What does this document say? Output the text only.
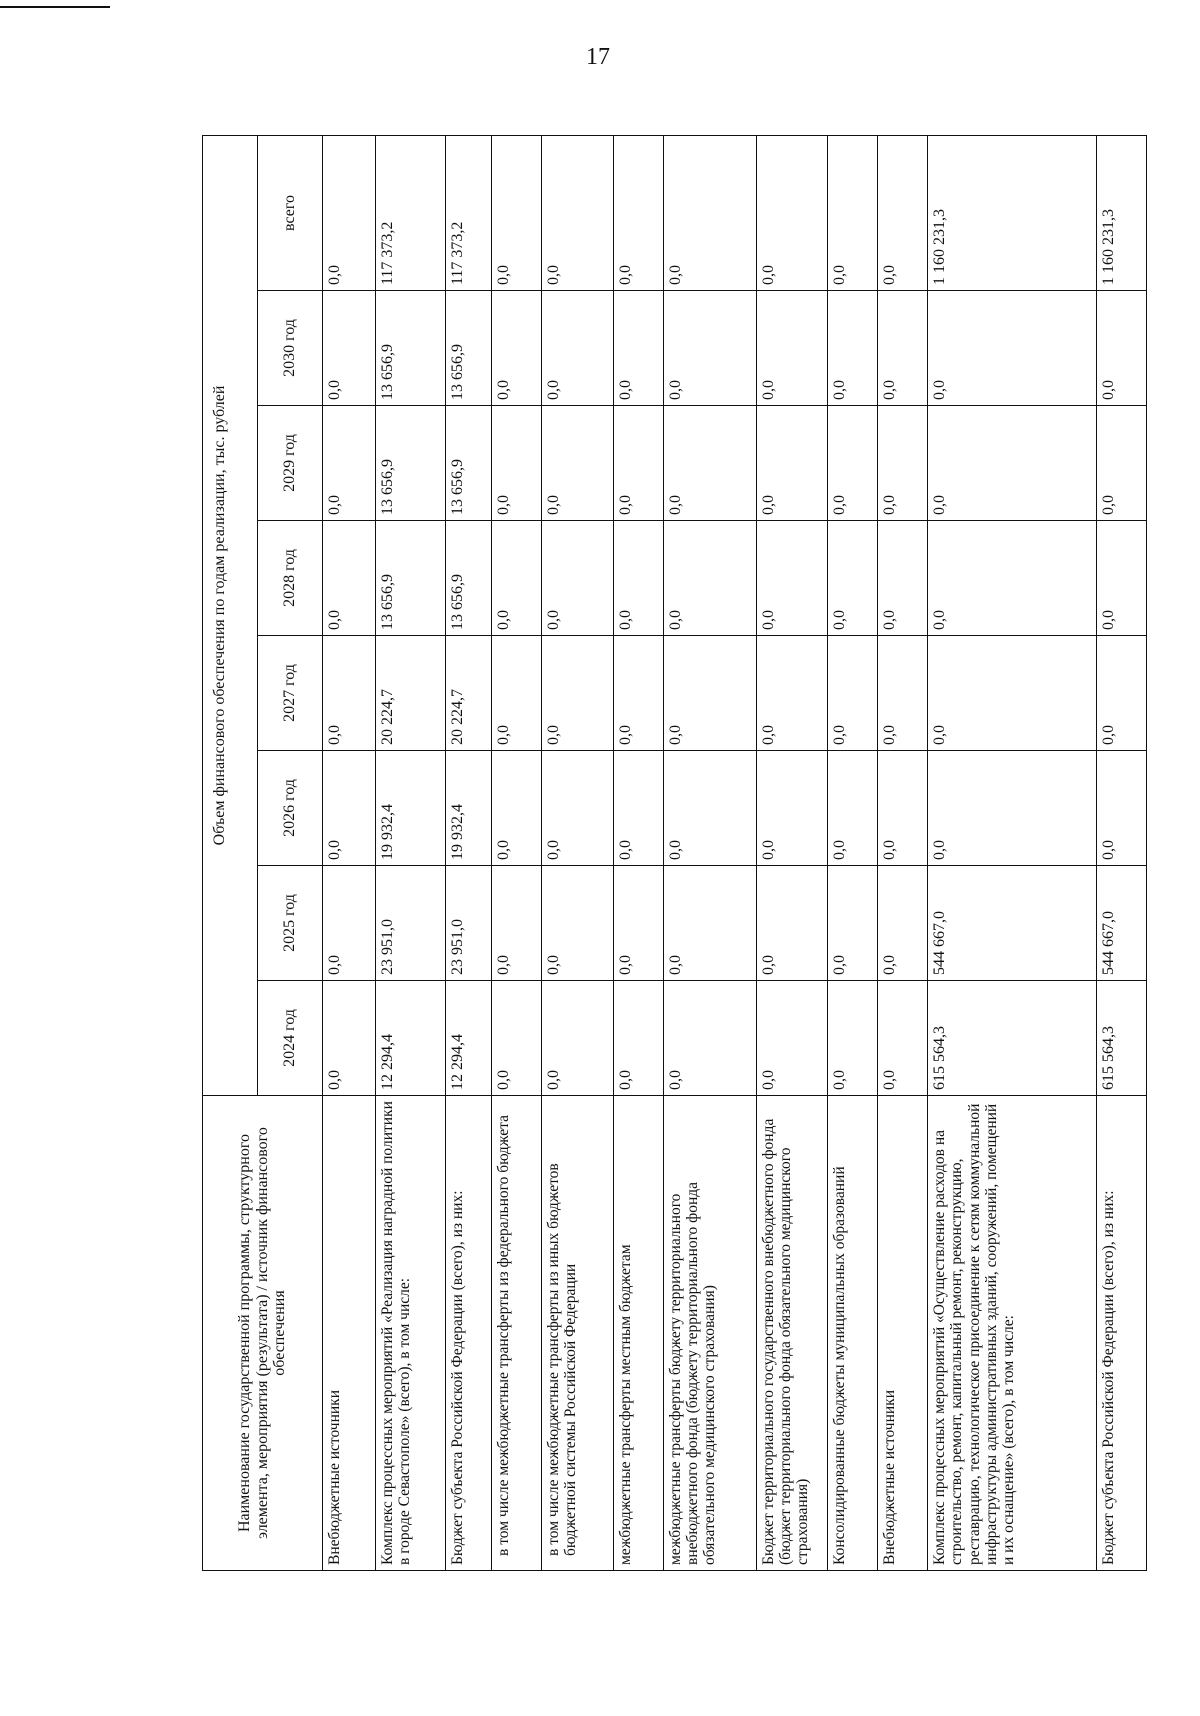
17
Наименование государственной программы, структурного элемента, мероприятия (результата) / источник финансового обеспечения	Объем финансового обеспечения по годам реализации, тыс. рублей							
	2024 год	2025 год	2026 год	2027 год	2028 год	2029 год	2030 год	всего
Внебюджетные источники	0,0	0,0	0,0	0,0	0,0	0,0	0,0	0,0
Комплекс процессных мероприятий «Реализация наградной политики в городе Севастополе» (всего), в том числе:	12 294,4	23 951,0	19 932,4	20 224,7	13 656,9	13 656,9	13 656,9	117 373,2
Бюджет субъекта Российской Федерации (всего), из них:	12 294,4	23 951,0	19 932,4	20 224,7	13 656,9	13 656,9	13 656,9	117 373,2
в том числе межбюджетные трансферты из федерального бюджета	0,0	0,0	0,0	0,0	0,0	0,0	0,0	0,0
в том числе межбюджетные трансферты из иных бюджетов бюджетной системы Российской Федерации	0,0	0,0	0,0	0,0	0,0	0,0	0,0	0,0
межбюджетные трансферты местным бюджетам	0,0	0,0	0,0	0,0	0,0	0,0	0,0	0,0
межбюджетные трансферты бюджету территориального внебюджетного фонда (бюджету территориального фонда обязательного медицинского страхования)	0,0	0,0	0,0	0,0	0,0	0,0	0,0	0,0
Бюджет территориального государственного внебюджетного фонда (бюджет территориального фонда обязательного медицинского страхования)	0,0	0,0	0,0	0,0	0,0	0,0	0,0	0,0
Консолидированные бюджеты муниципальных образований	0,0	0,0	0,0	0,0	0,0	0,0	0,0	0,0
Внебюджетные источники	0,0	0,0	0,0	0,0	0,0	0,0	0,0	0,0
Комплекс процессных мероприятий «Осуществление расходов на строительство, ремонт, капитальный ремонт, реконструкцию, реставрацию, технологическое присоединение к сетям коммунальной инфраструктуры административных зданий, сооружений, помещений и их оснащение» (всего), в том числе:	615 564,3	544 667,0	0,0	0,0	0,0	0,0	0,0	1 160 231,3
Бюджет субъекта Российской Федерации (всего), из них:	615 564,3	544 667,0	0,0	0,0	0,0	0,0	0,0	1 160 231,3
